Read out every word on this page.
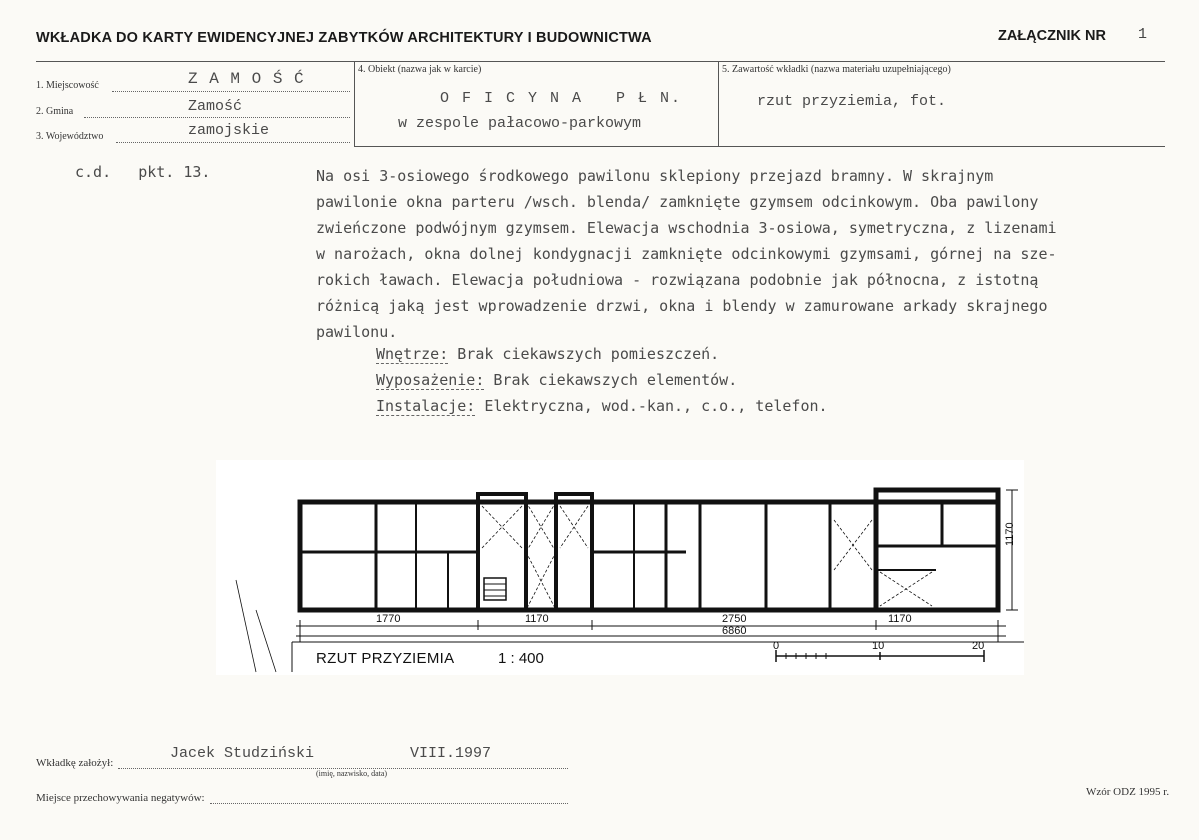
WKŁADKA DO KARTY EWIDENCYJNEJ ZABYTKÓW ARCHITEKTURY I BUDOWNICTWA	ZAŁĄCZNIK NR 1
1. Miejscowość	Z A M O Ś Ć
2. Gmina	Zamość
3. Województwo	zamojskie
4. Obiekt (nazwa jak w karcie)
O F I C Y N A   P Ł N.
w zespole pałacowo-parkowym
5. Zawartość wkładki (nazwa materiału uzupełniającego)
rzut przyziemia, fot.
c.d.   pkt. 13.	Na osi 3-osiowego środkowego pawilonu sklepiony przejazd bramny. W skrajnym

pawilonie okna parteru /wsch. blenda/ zamknięte gzymsem odcinkowym. Oba pawilony

zwieńczone podwójnym gzymsem. Elewacja wschodnia 3-osiowa, symetryczna, z lizenami

w narożach, okna dolnej kondygnacji zamknięte odcinkowymi gzymsami, górnej na sze-

rokich ławach. Elewacja południowa - rozwiązana podobnie jak północna, z istotną

różnicą jaką jest wprowadzenie drzwi, okna i blendy w zamurowane arkady skrajnego

pawilonu.

Wnętrze: Brak ciekawszych pomieszczeń.
Wyposażenie: Brak ciekawszych elementów.
Instalacje: Elektryczna, wod.-kan., c.o., telefon.
1770	1170	2750	1170
6860
1170
RZUT PRZYZIEMIA	1 : 400
0	10	20
Wkładkę założył:
Jacek Studziński	VIII.1997
(imię, nazwisko, data)
Miejsce przechowywania negatywów:	Wzór ODZ 1995 r.
